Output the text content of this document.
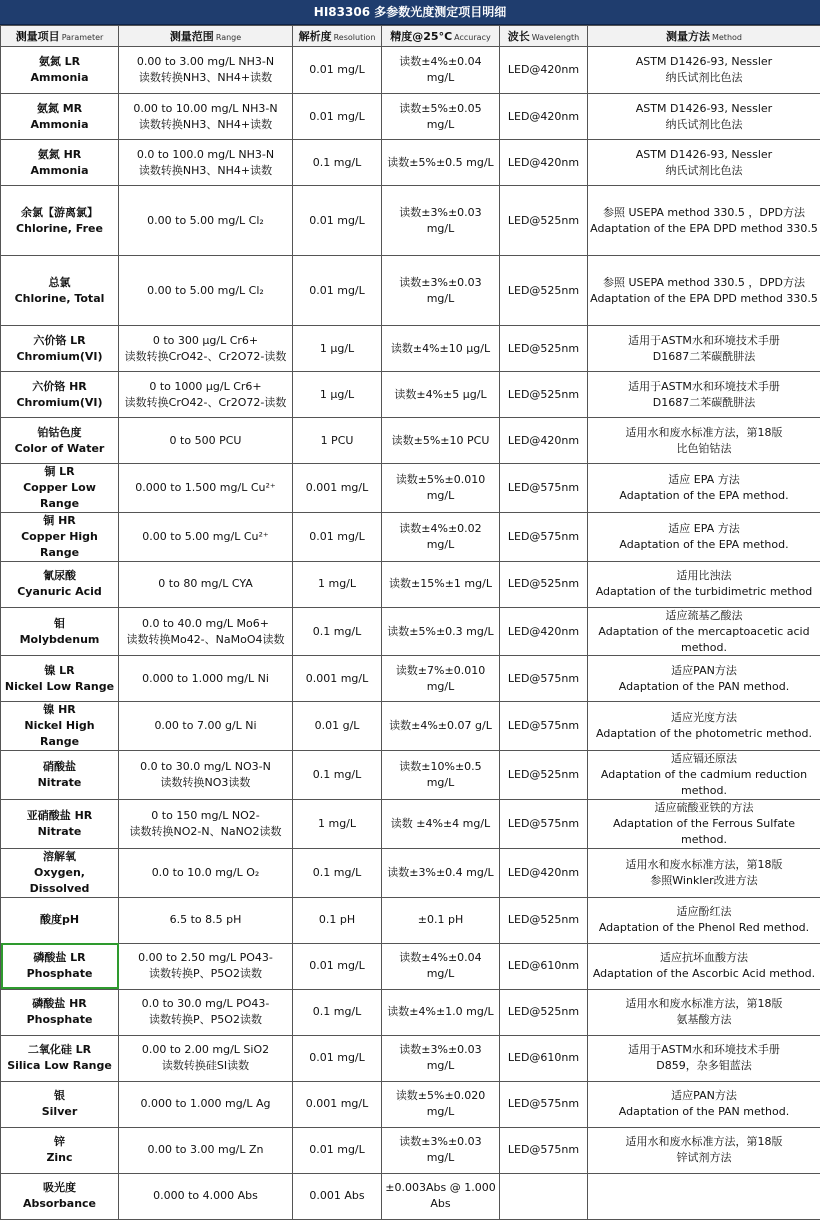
HI83306 多参数光度测定项目明细
测量项目 Parameter	测量范围 Range	解析度 Resolution	精度@25°C Accuracy	波长 Wavelength	测量方法 Method

氨氮 LR
Ammonia	0.00 to 3.00 mg/L NH3-N
读数转换NH3、NH4+读数	0.01 mg/L	读数±4%±0.04 mg/L	LED@420nm	ASTM D1426-93, Nessler
纳氏试剂比色法

氨氮 MR
Ammonia	0.00 to 10.00 mg/L NH3-N
读数转换NH3、NH4+读数	0.01 mg/L	读数±5%±0.05 mg/L	LED@420nm	ASTM D1426-93, Nessler
纳氏试剂比色法

氨氮 HR
Ammonia	0.0 to 100.0 mg/L NH3-N
读数转换NH3、NH4+读数	0.1 mg/L	读数±5%±0.5 mg/L	LED@420nm	ASTM D1426-93, Nessler
纳氏试剂比色法

余氯【游离氯】
Chlorine, Free	0.00 to 5.00 mg/L Cl₂	0.01 mg/L	读数±3%±0.03 mg/L	LED@525nm	参照 USEPA method 330.5 ，DPD方法
Adaptation of the EPA DPD method 330.5

总氯
Chlorine, Total	0.00 to 5.00 mg/L Cl₂	0.01 mg/L	读数±3%±0.03 mg/L	LED@525nm	参照 USEPA method 330.5 ，DPD方法
Adaptation of the EPA DPD method 330.5

六价铬 LR
Chromium(VI)	0 to 300 µg/L Cr6+
读数转换CrO42-、Cr2O72-读数	1 µg/L	读数±4%±10 µg/L	LED@525nm	适用于ASTM水和环境技术手册
D1687二苯碳酰肼法

六价铬 HR
Chromium(VI)	0 to 1000 µg/L Cr6+
读数转换CrO42-、Cr2O72-读数	1 µg/L	读数±4%±5 µg/L	LED@525nm	适用于ASTM水和环境技术手册
D1687二苯碳酰肼法

铂钴色度
Color of Water	0 to 500 PCU	1 PCU	读数±5%±10 PCU	LED@420nm	适用水和废水标准方法，第18版
比色铂钴法

铜 LR
Copper Low Range	0.000 to 1.500 mg/L Cu²⁺	0.001 mg/L	读数±5%±0.010 mg/L	LED@575nm	适应 EPA 方法
Adaptation of the EPA method.

铜 HR
Copper High Range	0.00 to 5.00 mg/L Cu²⁺	0.01 mg/L	读数±4%±0.02 mg/L	LED@575nm	适应 EPA 方法
Adaptation of the EPA method.

氰尿酸
Cyanuric Acid	0 to 80 mg/L CYA	1 mg/L	读数±15%±1 mg/L	LED@525nm	适用比浊法
Adaptation of the turbidimetric method

钼
Molybdenum	0.0 to 40.0 mg/L Mo6+
读数转换Mo42-、NaMoO4读数	0.1 mg/L	读数±5%±0.3 mg/L	LED@420nm	适应巯基乙酸法
Adaptation of the mercaptoacetic acid
method.

镍 LR
Nickel Low Range	0.000 to 1.000 mg/L Ni	0.001 mg/L	读数±7%±0.010 mg/L	LED@575nm	适应PAN方法
Adaptation of the PAN method.

镍 HR
Nickel High Range	0.00 to 7.00 g/L Ni	0.01 g/L	读数±4%±0.07 g/L	LED@575nm	适应光度方法
Adaptation of the photometric method.

硝酸盐
Nitrate	0.0 to 30.0 mg/L NO3-N
读数转换NO3读数	0.1 mg/L	读数±10%±0.5 mg/L	LED@525nm	适应镉还原法
Adaptation of the cadmium reduction
method.

亚硝酸盐 HR
Nitrate	0 to 150 mg/L NO2-
读数转换NO2-N、NaNO2读数	1 mg/L	读数 ±4%±4 mg/L	LED@575nm	适应硫酸亚铁的方法
Adaptation of the Ferrous Sulfate method.

溶解氧
Oxygen, Dissolved	0.0 to 10.0 mg/L O₂	0.1 mg/L	读数±3%±0.4 mg/L	LED@420nm	适用水和废水标准方法，第18版
参照Winkler改进方法

酸度pH	6.5 to 8.5 pH	0.1 pH	±0.1 pH	LED@525nm	适应酚红法
Adaptation of the Phenol Red method.

磷酸盐 LR
Phosphate	0.00 to 2.50 mg/L PO43-
读数转换P、P5O2读数	0.01 mg/L	读数±4%±0.04 mg/L	LED@610nm	适应抗坏血酸方法
Adaptation of the Ascorbic Acid method.

磷酸盐 HR
Phosphate	0.0 to 30.0 mg/L PO43-
读数转换P、P5O2读数	0.1 mg/L	读数±4%±1.0 mg/L	LED@525nm	适用水和废水标准方法，第18版
氨基酸方法

二氧化硅 LR
Silica Low Range	0.00 to 2.00 mg/L SiO2
读数转换硅SI读数	0.01 mg/L	读数±3%±0.03 mg/L	LED@610nm	适用于ASTM水和环境技术手册
D859，杂多钼蓝法

银
Silver	0.000 to 1.000 mg/L Ag	0.001 mg/L	读数±5%±0.020 mg/L	LED@575nm	适应PAN方法
Adaptation of the PAN method.

锌
Zinc	0.00 to 3.00 mg/L Zn	0.01 mg/L	读数±3%±0.03 mg/L	LED@575nm	适用水和废水标准方法，第18版
锌试剂方法

吸光度
Absorbance	0.000 to 4.000 Abs	0.001 Abs	±0.003Abs @ 1.000 Abs		
